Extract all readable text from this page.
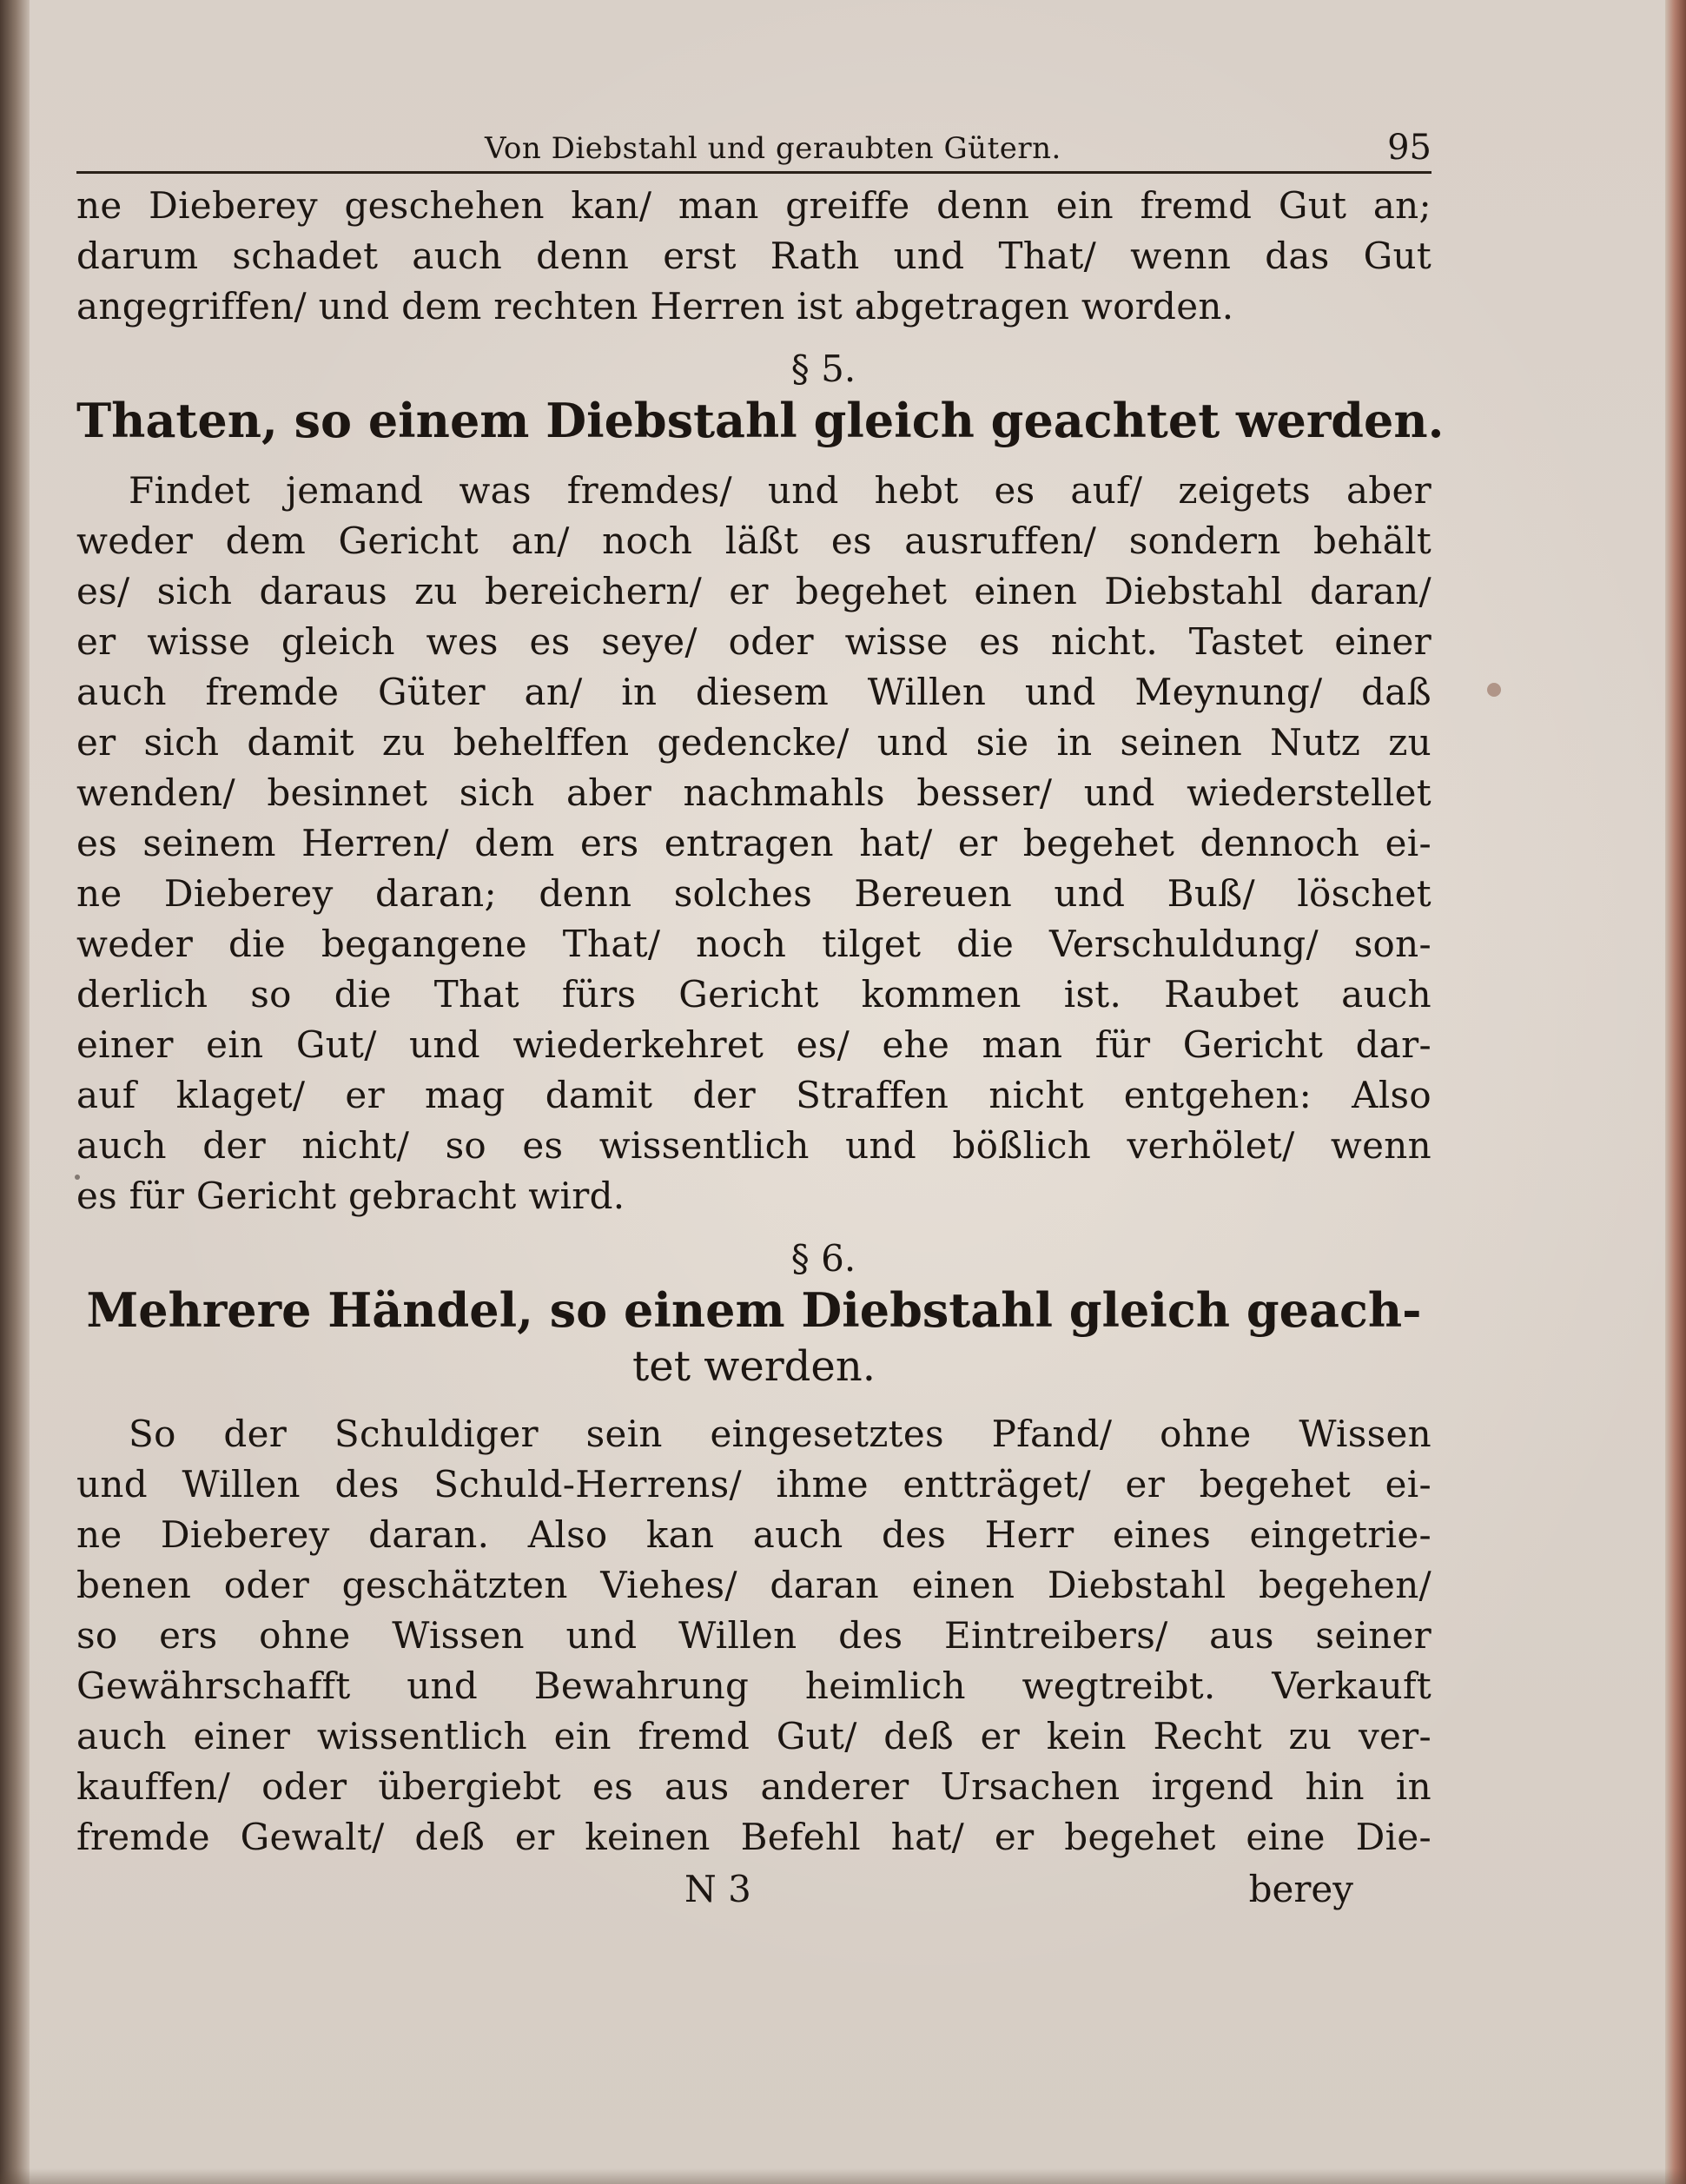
Von Diebstahl und geraubten Gütern.	95
ne Dieberey geschehen kan/ man greiffe denn ein fremd Gut an;
darum schadet auch denn erst Rath und That/ wenn das Gut
angegriffen/ und dem rechten Herren ist abgetragen worden.
§ 5.
Thaten, so einem Diebstahl gleich geachtet werden.
Findet jemand was fremdes/ und hebt es auf/ zeigets aber
weder dem Gericht an/ noch läßt es ausruffen/ sondern behält
es/ sich daraus zu bereichern/ er begehet einen Diebstahl daran/
er wisse gleich wes es seye/ oder wisse es nicht. Tastet einer
auch fremde Güter an/ in diesem Willen und Meynung/ daß
er sich damit zu behelffen gedencke/ und sie in seinen Nutz zu
wenden/ besinnet sich aber nachmahls besser/ und wiederstellet
es seinem Herren/ dem ers entragen hat/ er begehet dennoch ei-
ne Dieberey daran; denn solches Bereuen und Buß/ löschet
weder die begangene That/ noch tilget die Verschuldung/ son-
derlich so die That fürs Gericht kommen ist. Raubet auch
einer ein Gut/ und wiederkehret es/ ehe man für Gericht dar-
auf klaget/ er mag damit der Straffen nicht entgehen: Also
auch der nicht/ so es wissentlich und bößlich verhölet/ wenn
es für Gericht gebracht wird.
§ 6.
Mehrere Händel, so einem Diebstahl gleich geach-
tet werden.
So der Schuldiger sein eingesetztes Pfand/ ohne Wissen
und Willen des Schuld-Herrens/ ihme entträget/ er begehet ei-
ne Dieberey daran. Also kan auch des Herr eines eingetrie-
benen oder geschätzten Viehes/ daran einen Diebstahl begehen/
so ers ohne Wissen und Willen des Eintreibers/ aus seiner
Gewährschafft und Bewahrung heimlich wegtreibt. Verkauft
auch einer wissentlich ein fremd Gut/ deß er kein Recht zu ver-
kauffen/ oder übergiebt es aus anderer Ursachen irgend hin in
fremde Gewalt/ deß er keinen Befehl hat/ er begehet eine Die-
N 3	berey
